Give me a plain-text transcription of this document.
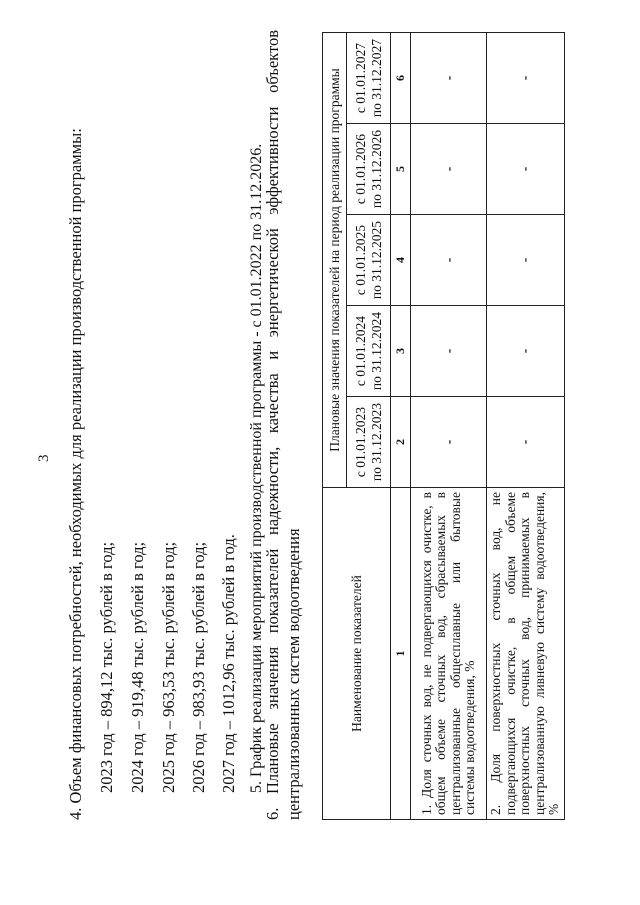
3 4. Объем финансовых потребностей, необходимых для реализации производственной программы: 2023 год – 894,12 тыс. рублей в год; 2024 год – 919,48 тыс. рублей в год; 2025 год – 963,53 тыс. рублей в год; 2026 год – 983,93 тыс. рублей в год; 2027 год – 1012,96 тыс. рублей в год. 5. График реализации мероприятий производственной программы - с 01.01.2022 по 31.12.2026.
6. Плановые значения показателей надежности, качества и энергетической эффективности объектов централизованных систем водоотведения	Наименование показателей	Плановые значения показателей на период реализации программы				
	с 01.01.2023 по 31.12.2023	с 01.01.2024 по 31.12.2024	с 01.01.2025 по 31.12.2025	с 01.01.2026 по 31.12.2026	с 01.01.2027 по 31.12.2027
1	2	3	4	5	6
1. Доля сточных вод, не подвергающихся очистке, в общем объеме сточных вод, сбрасываемых в централизованные общесплавные или бытовые системы водоотведения, %	-	-	-	-	-
2. Доля поверхностных сточных вод, не подвергающихся очистке, в общем объеме поверхностных сточных вод, принимаемых в централизованную ливневую систему водоотведения, %	-	-	-	-	-
